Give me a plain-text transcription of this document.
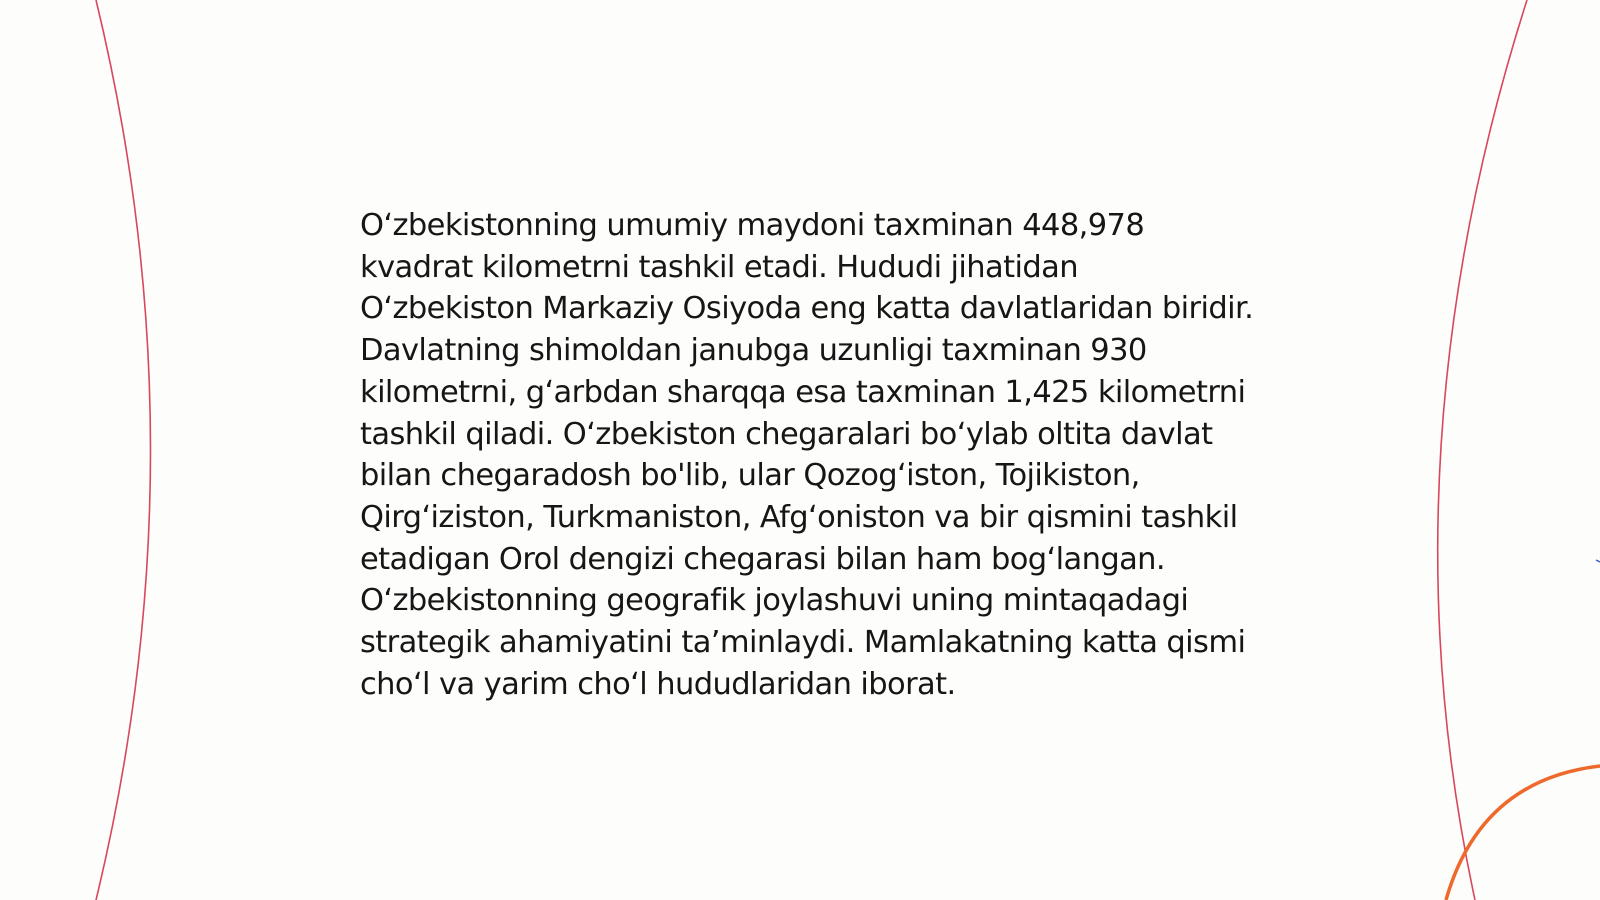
O‘zbekistonning umumiy maydoni taxminan 448,978 kvadrat kilometrni tashkil etadi. Hududi jihatidan O‘zbekiston Markaziy Osiyoda eng katta davlatlaridan biridir. Davlatning shimoldan janubga uzunligi taxminan 930 kilometrni, g‘arbdan sharqqa esa taxminan 1,425 kilometrni tashkil qiladi. O‘zbekiston chegaralari bo‘ylab oltita davlat bilan chegaradosh bo'lib, ular Qozog‘iston, Tojikiston, Qirg‘iziston, Turkmaniston, Afg‘oniston va bir qismini tashkil etadigan Orol dengizi chegarasi bilan ham bog‘langan. O‘zbekistonning geografik joylashuvi uning mintaqadagi strategik ahamiyatini ta’minlaydi. Mamlakatning katta qismi cho‘l va yarim cho‘l hududlaridan iborat.
